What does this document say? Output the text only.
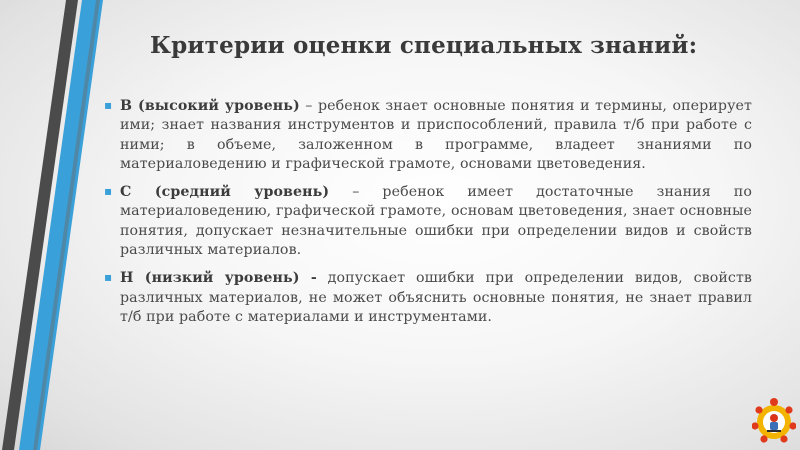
Критерии оценки специальных знаний:
▪ В (высокий уровень) – ребенок знает основные понятия и термины, оперирует ими; знает названия инструментов и приспособлений, правила т/б при работе с ними; в объеме, заложенном в программе, владеет знаниями по материаловедению и графической грамоте, основами цветоведения.
▪ С (средний уровень) – ребенок имеет достаточные знания по материаловедению, графической грамоте, основам цветоведения, знает основные понятия, допускает незначительные ошибки при определении видов и свойств различных материалов.
▪ Н (низкий уровень) - допускает ошибки при определении видов, свойств различных материалов, не может объяснить основные понятия, не знает правил т/б при работе с материалами и инструментами.
